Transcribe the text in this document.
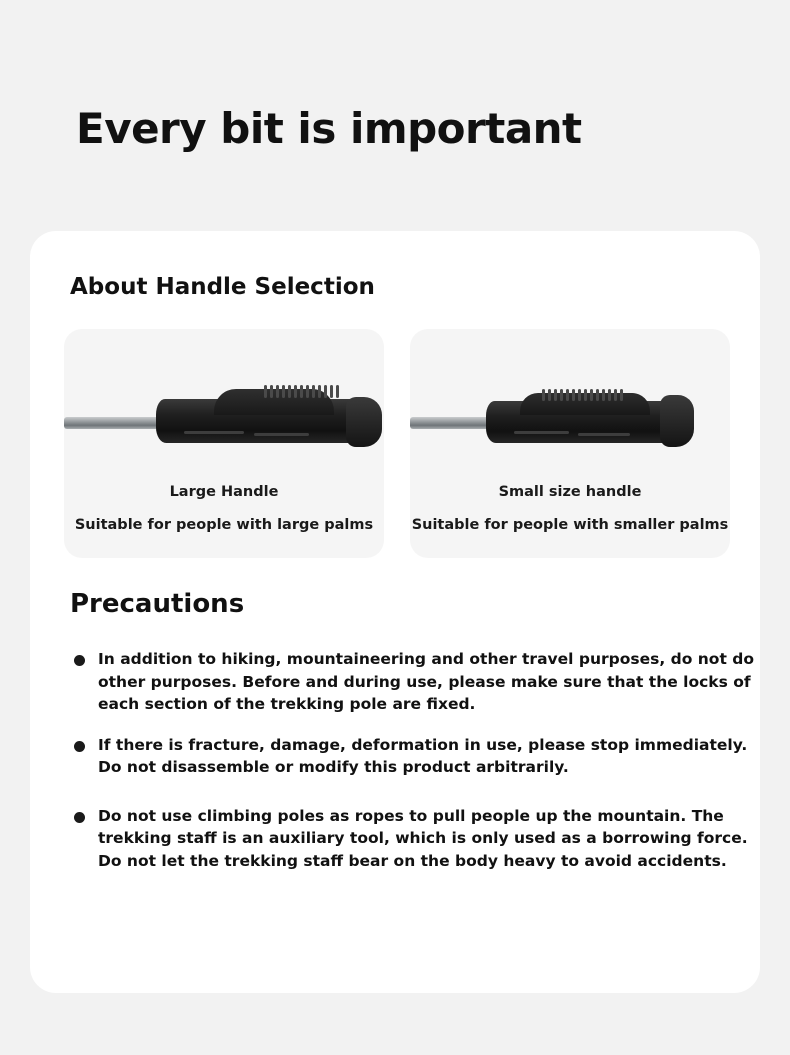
Every bit is important
About Handle Selection
Large Handle
Suitable for people with large palms
Small size handle
Suitable for people with smaller palms
Precautions
In addition to hiking, mountaineering and other travel purposes, do not do other purposes. Before and during use, please make sure that the locks of each section of the trekking pole are fixed.
If there is fracture, damage, deformation in use, please stop immediately. Do not disassemble or modify this product arbitrarily.
Do not use climbing poles as ropes to pull people up the mountain. The trekking staff is an auxiliary tool, which is only used as a borrowing force. Do not let the trekking staff bear on the body heavy to avoid accidents.
